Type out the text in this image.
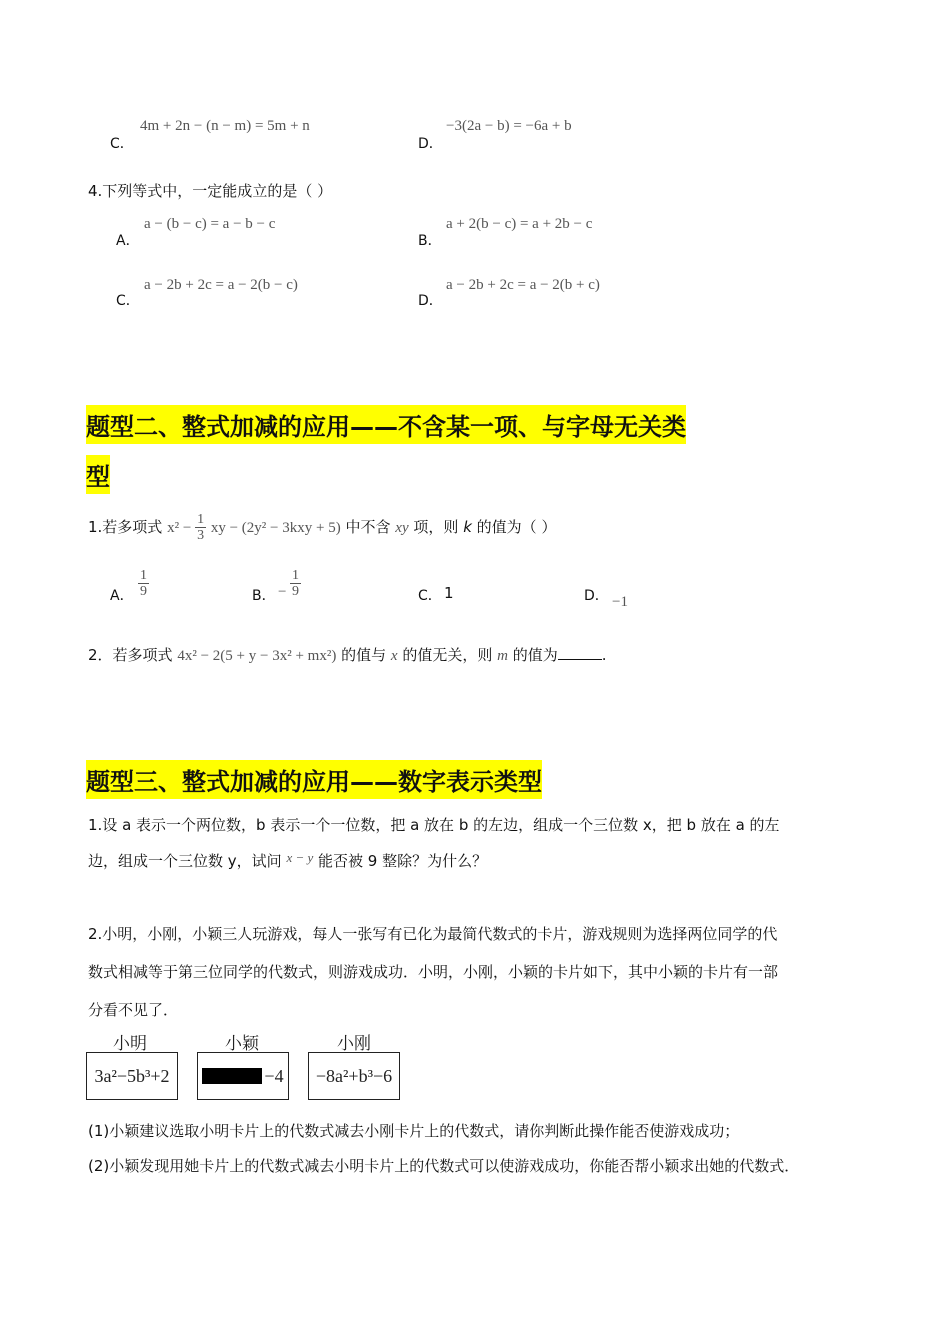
C．
4m + 2n − (n − m) = 5m + n
D．
−3(2a − b) = −6a + b
4.下列等式中，一定能成立的是（ ）
A．
a − (b − c) = a − b − c
B．
a + 2(b − c) = a + 2b − c
C．
a − 2b + 2c = a − 2(b − c)
D．
a − 2b + 2c = a − 2(b + c)
题型二、整式加减的应用——不含某一项、与字母无关类
型
1.若多项式 $x^2 - \frac{1}{3}$ xy − (2y² − 3kxy + 5) 中不含 xy 项，则 k 的值为（ ）
A． $\frac{1}{9}$	B． − $\frac{1}{9}$	C． 1	D． −1
2．若多项式 4x² − 2(5 + y − 3x² + mx²) 的值与 x 的值无关，则 m 的值为	.
题型三、整式加减的应用——数字表示类型
1.设 a 表示一个两位数，b 表示一个一位数，把 a 放在 b 的左边，组成一个三位数 x，把 b 放在 a 的左
边，组成一个三位数 y，试问 x − y 能否被 9 整除？为什么？
2.小明，小刚，小颖三人玩游戏，每人一张写有已化为最简代数式的卡片，游戏规则为选择两位同学的代
数式相减等于第三位同学的代数式，则游戏成功．小明，小刚，小颖的卡片如下，其中小颖的卡片有一部
分看不见了．
小明	小颖	小刚
3a²−5b³+2	−4 −8a²+b³−6
(1)小颖建议选取小明卡片上的代数式减去小刚卡片上的代数式，请你判断此操作能否使游戏成功；
(2)小颖发现用她卡片上的代数式减去小明卡片上的代数式可以使游戏成功，你能否帮小颖求出她的代数式．
